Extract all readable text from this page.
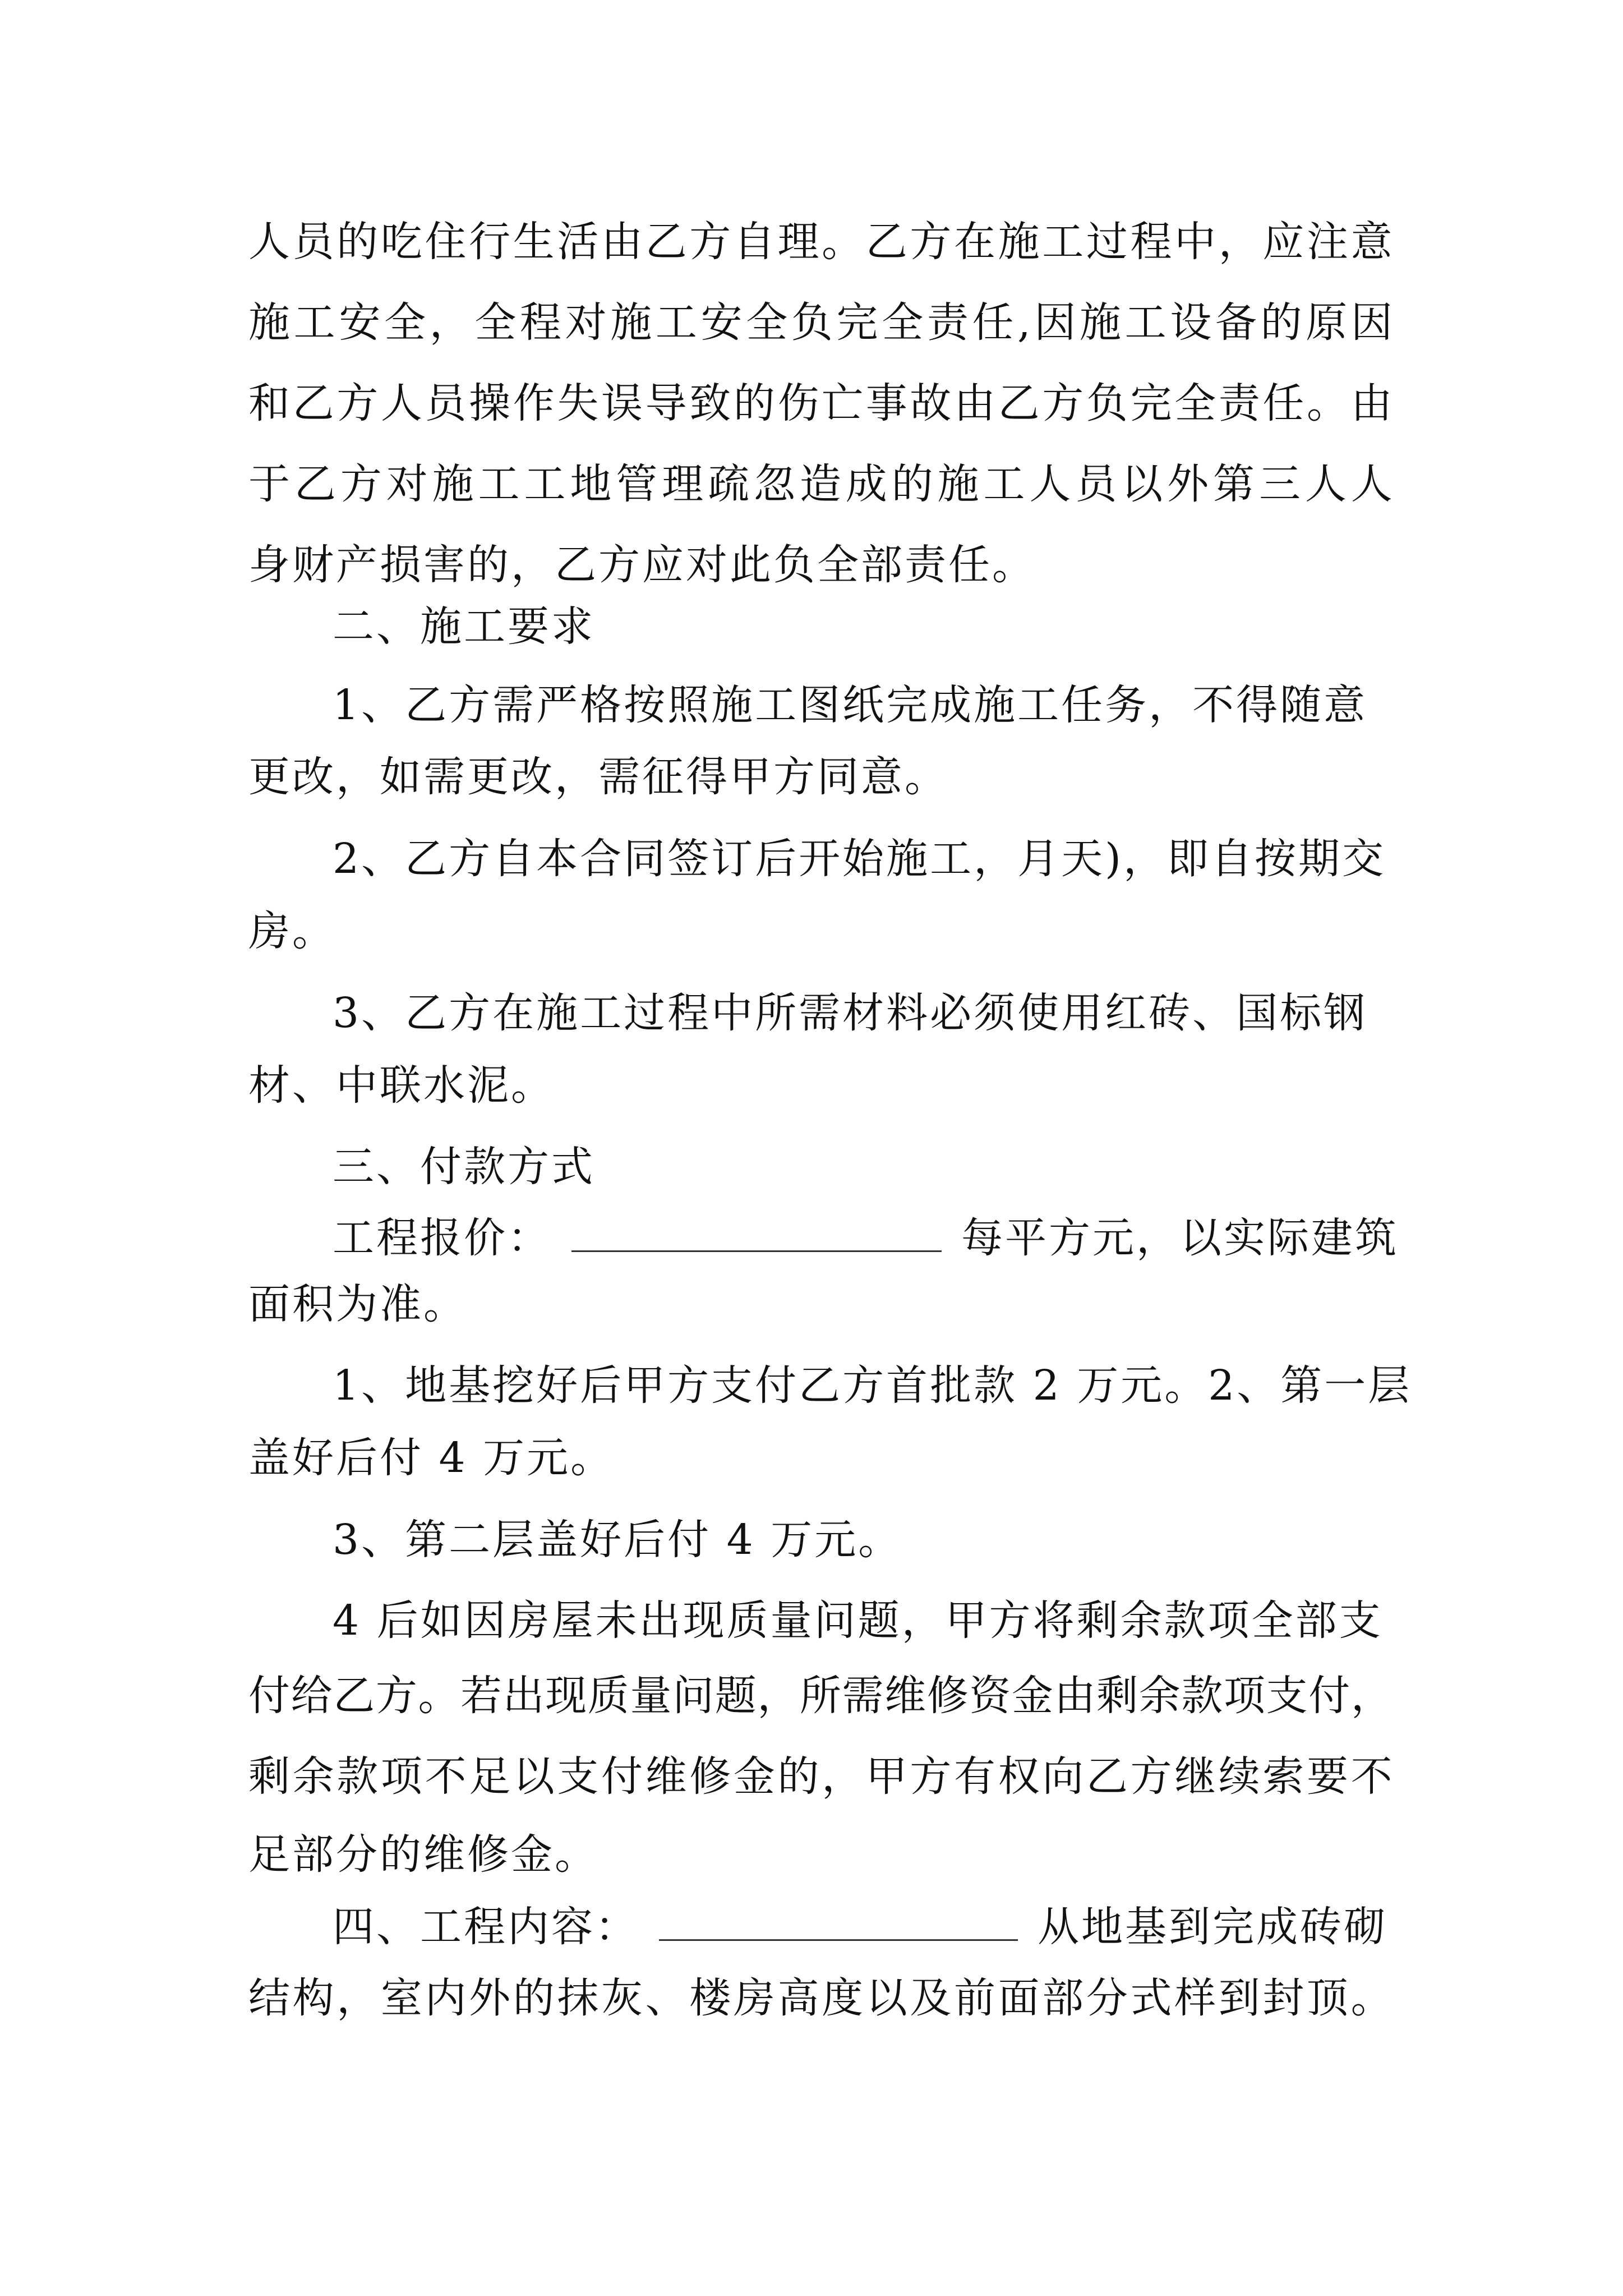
人 员 的 吃 住 行 生 活 由 乙 方 自 理 。 乙 方 在 施 工 过 程 中 ， 应 注 意
施 工 安 全 ， 全 程 对 施 工 安 全 负 完 全 责 任 , 因 施 工 设 备 的 原 因
和 乙 方 人 员 操 作 失 误 导 致 的 伤 亡 事 故 由 乙 方 负 完 全 责 任 。 由
于 乙 方 对 施 工 工 地 管 理 疏 忽 造 成 的 施 工 人 员 以 外 第 三 人 人
身财产损害的，乙方应对此负全部责任。
二、施工要求
1、乙方需严格按照施工图纸完成施工任务，不得随意
更改，如需更改，需征得甲方同意。
2、乙方自本合同签订后开始施工，月天)，即自按期交
房。
3、乙方在施工过程中所需材料必须使用红砖、国标钢
材、中联水泥。
三、付款方式
工程报价：	每平方元，以实际建筑
面积为准。
1、地基挖好后甲方支付乙方首批款 2 万元。2、第一层
盖好后付 4 万元。
3、第二层盖好后付 4 万元。
4 后如因房屋未出现质量问题，甲方将剩余款项全部支
付 给 乙 方 。 若 出 现 质 量 问 题 ， 所 需 维 修 资 金 由 剩 余 款 项 支 付 ，
剩 余 款 项 不 足 以 支 付 维 修 金 的 ， 甲 方 有 权 向 乙 方 继 续 索 要 不
足部分的维修金。
四、工程内容：	从地基到完成砖砌
结 构 ， 室 内 外 的 抹 灰 、 楼 房 高 度 以 及 前 面 部 分 式 样 到 封 顶 。
